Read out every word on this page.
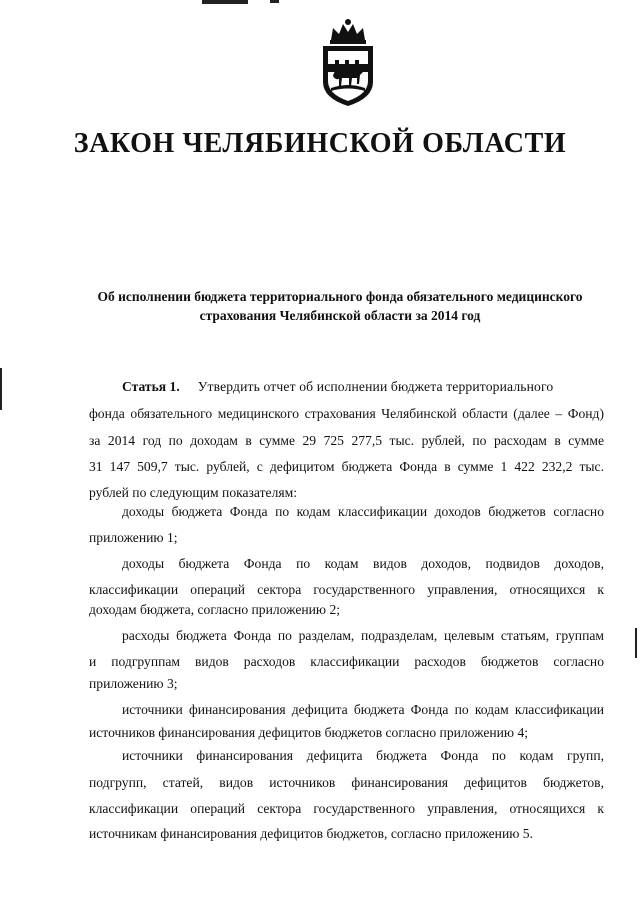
ЗАКОН ЧЕЛЯБИНСКОЙ ОБЛАСТИ
Об исполнении бюджета территориального фонда обязательного медицинского
страхования Челябинской области за 2014 год
Статья 1. Утвердить отчет об исполнении бюджета территориального
фонда обязательного медицинского страхования Челябинской области (далее – Фонд)
за 2014 год по доходам в сумме 29 725 277,5 тыс. рублей, по расходам в сумме
31 147 509,7 тыс. рублей, с дефицитом бюджета Фонда в сумме 1 422 232,2 тыс.
рублей по следующим показателям:
доходы бюджета Фонда по кодам классификации доходов бюджетов согласно
приложению 1;
доходы бюджета Фонда по кодам видов доходов, подвидов доходов,
классификации операций сектора государственного управления, относящихся к
доходам бюджета, согласно приложению 2;
расходы бюджета Фонда по разделам, подразделам, целевым статьям, группам
и подгруппам видов расходов классификации расходов бюджетов согласно
приложению 3;
источники финансирования дефицита бюджета Фонда по кодам классификации
источников финансирования дефицитов бюджетов согласно приложению 4;
источники финансирования дефицита бюджета Фонда по кодам групп,
подгрупп, статей, видов источников финансирования дефицитов бюджетов,
классификации операций сектора государственного управления, относящихся к
источникам финансирования дефицитов бюджетов, согласно приложению 5.
